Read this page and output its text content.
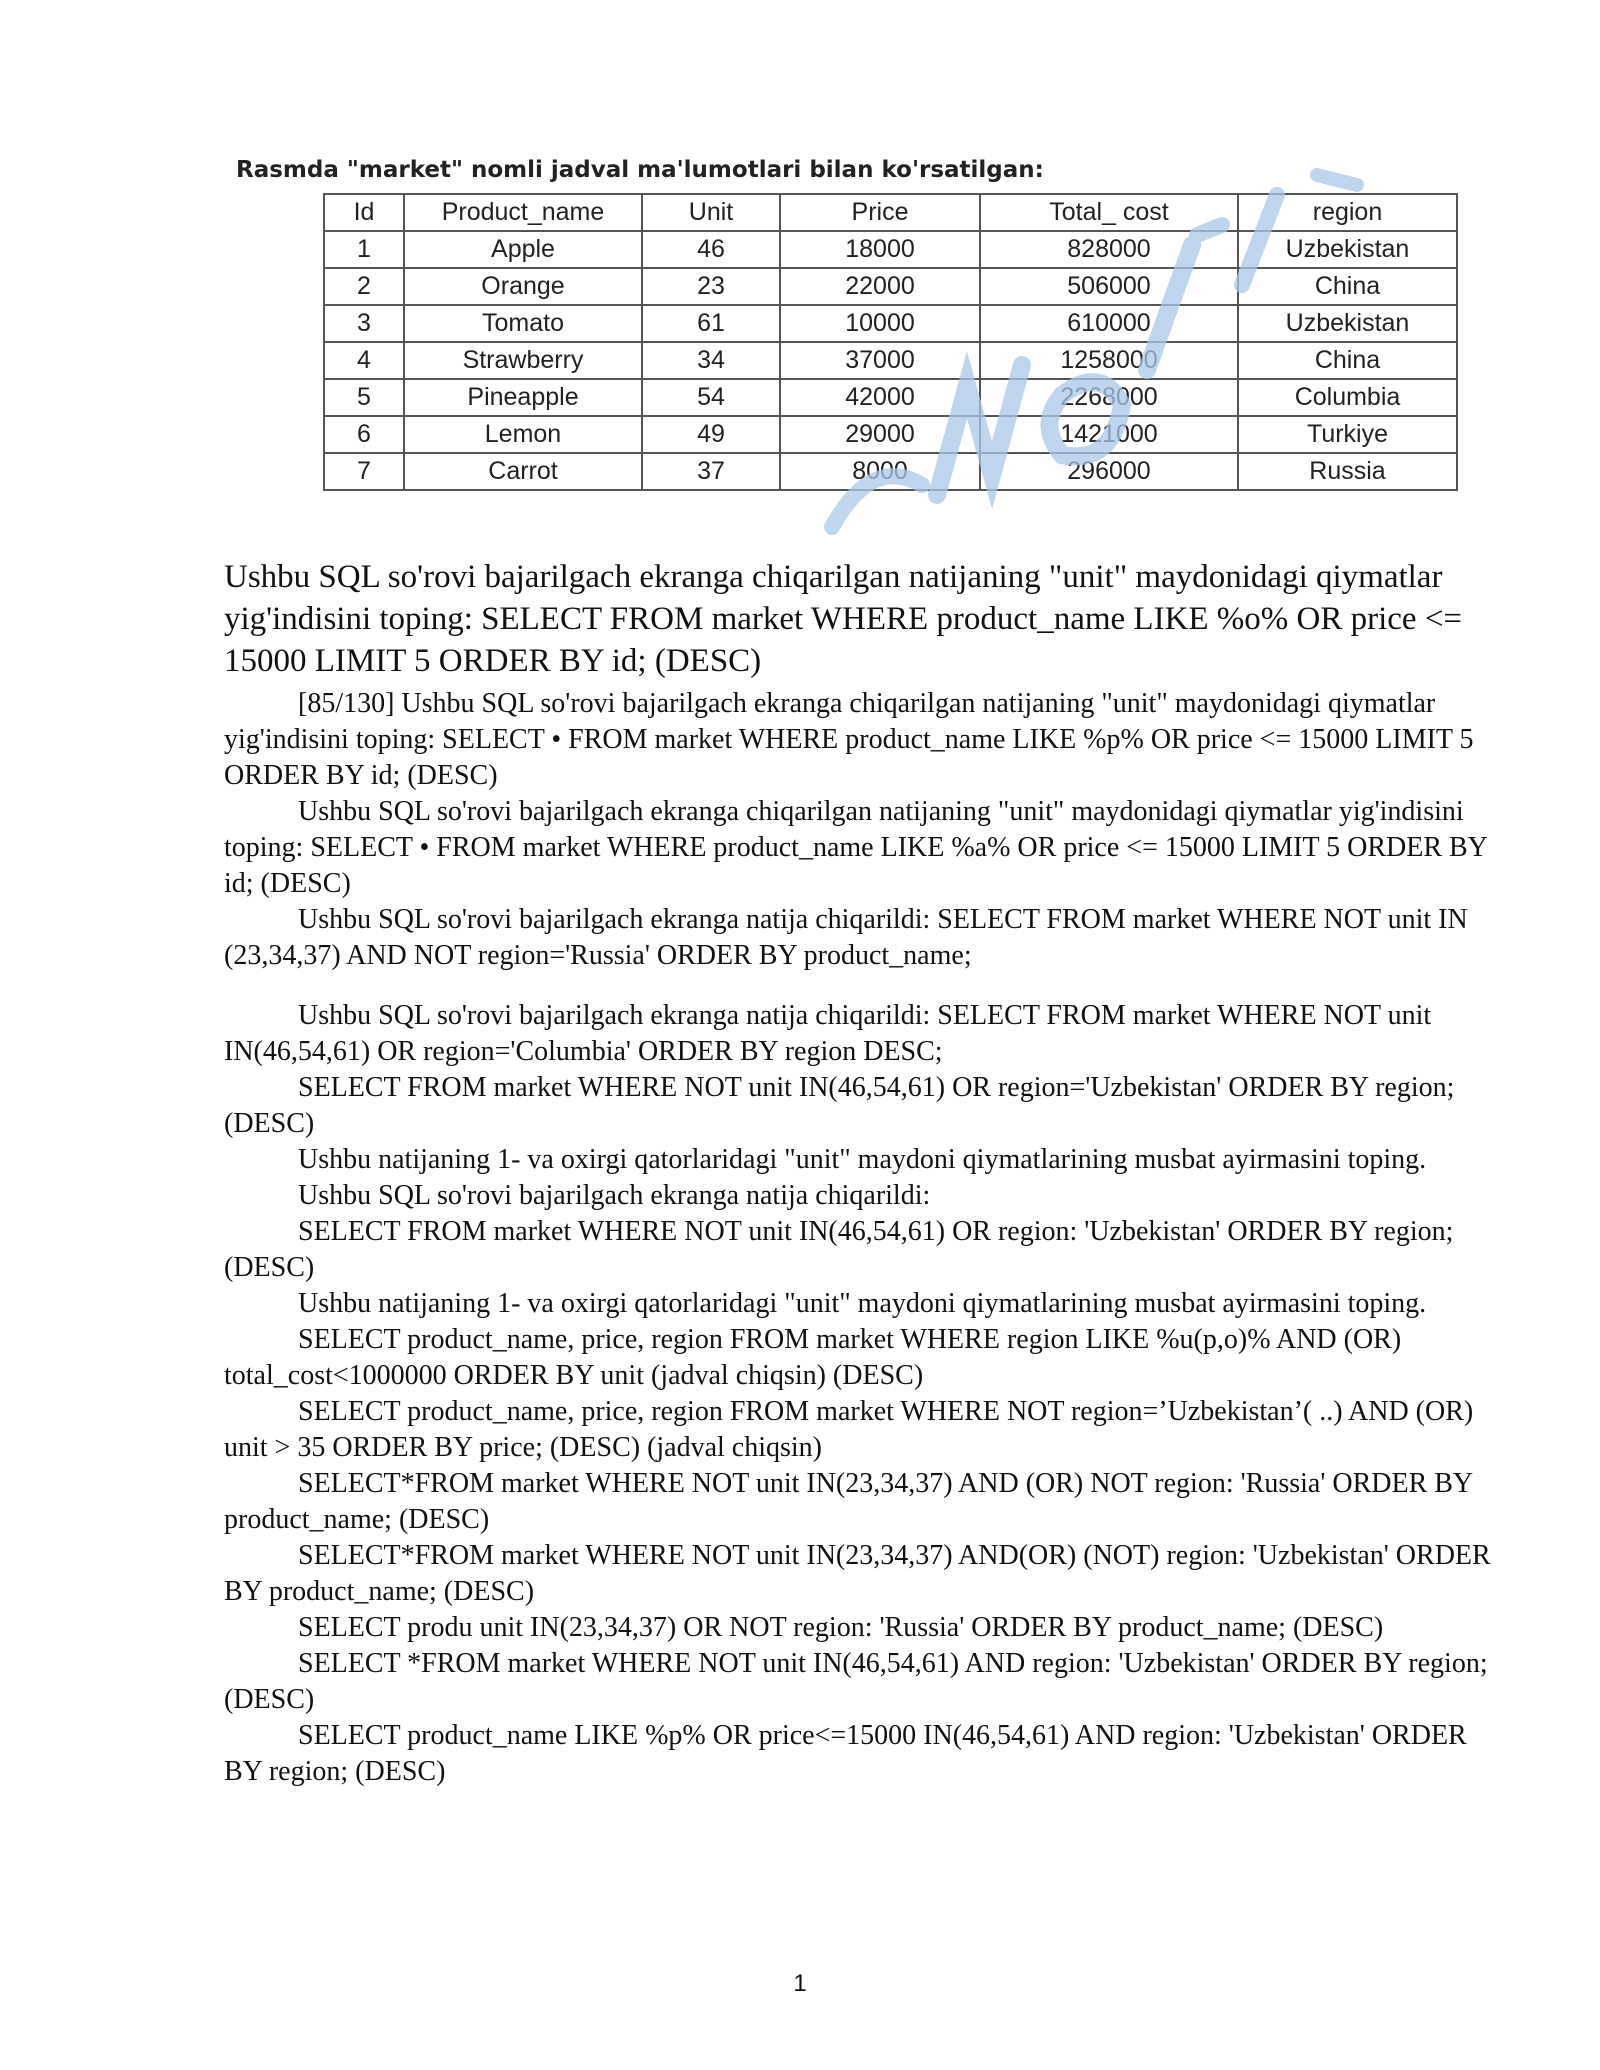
Rasmda "market" nomli jadval ma'lumotlari bilan ko'rsatilgan:
Id	Product_name	Unit	Price	Total_ cost	region
1	Apple	46	18000	828000	Uzbekistan
2	Orange	23	22000	506000	China
3	Tomato	61	10000	610000	Uzbekistan
4	Strawberry	34	37000	1258000	China
5	Pineapple	54	42000	2268000	Columbia
6	Lemon	49	29000	1421000	Turkiye
7	Carrot	37	8000	296000	Russia

Ushbu SQL so'rovi bajarilgach ekranga chiqarilgan natijaning "unit" maydonidagi qiymatlar yig'indisini toping: SELECT FROM market WHERE product_name LIKE %o% OR price <= 15000 LIMIT 5 ORDER BY id; (DESC)

[85/130] Ushbu SQL so'rovi bajarilgach ekranga chiqarilgan natijaning "unit" maydonidagi qiymatlar yig'indisini toping: SELECT • FROM market WHERE product_name LIKE %p% OR price <= 15000 LIMIT 5 ORDER BY id; (DESC)

Ushbu SQL so'rovi bajarilgach ekranga chiqarilgan natijaning "unit" maydonidagi qiymatlar yig'indisini toping: SELECT • FROM market WHERE product_name LIKE %a% OR price <= 15000 LIMIT 5 ORDER BY id; (DESC)

Ushbu SQL so'rovi bajarilgach ekranga natija chiqarildi: SELECT FROM market WHERE NOT unit IN (23,34,37) AND NOT region='Russia' ORDER BY product_name;

Ushbu SQL so'rovi bajarilgach ekranga natija chiqarildi: SELECT FROM market WHERE NOT unit IN(46,54,61) OR region='Columbia' ORDER BY region DESC;

SELECT FROM market WHERE NOT unit IN(46,54,61) OR region='Uzbekistan' ORDER BY region; (DESC)

Ushbu natijaning 1- va oxirgi qatorlaridagi "unit" maydoni qiymatlarining musbat ayirmasini toping.

Ushbu SQL so'rovi bajarilgach ekranga natija chiqarildi:

SELECT FROM market WHERE NOT unit IN(46,54,61) OR region: 'Uzbekistan' ORDER BY region; (DESC)

Ushbu natijaning 1- va oxirgi qatorlaridagi "unit" maydoni qiymatlarining musbat ayirmasini toping.

SELECT product_name, price, region FROM market WHERE region LIKE %u(p,o)% AND (OR) total_cost<1000000 ORDER BY unit (jadval chiqsin) (DESC)

SELECT product_name, price, region FROM market WHERE NOT region=’Uzbekistan’( ..) AND (OR) unit > 35 ORDER BY price; (DESC) (jadval chiqsin)

SELECT*FROM market WHERE NOT unit IN(23,34,37) AND (OR) NOT region: 'Russia' ORDER BY product_name; (DESC)

SELECT*FROM market WHERE NOT unit IN(23,34,37) AND(OR) (NOT) region: 'Uzbekistan' ORDER BY product_name; (DESC)

SELECT produ unit IN(23,34,37) OR NOT region: 'Russia' ORDER BY product_name; (DESC)

SELECT *FROM market WHERE NOT unit IN(46,54,61) AND region: 'Uzbekistan' ORDER BY region; (DESC)

SELECT product_name LIKE %p% OR price<=15000 IN(46,54,61) AND region: 'Uzbekistan' ORDER BY region; (DESC)

1
